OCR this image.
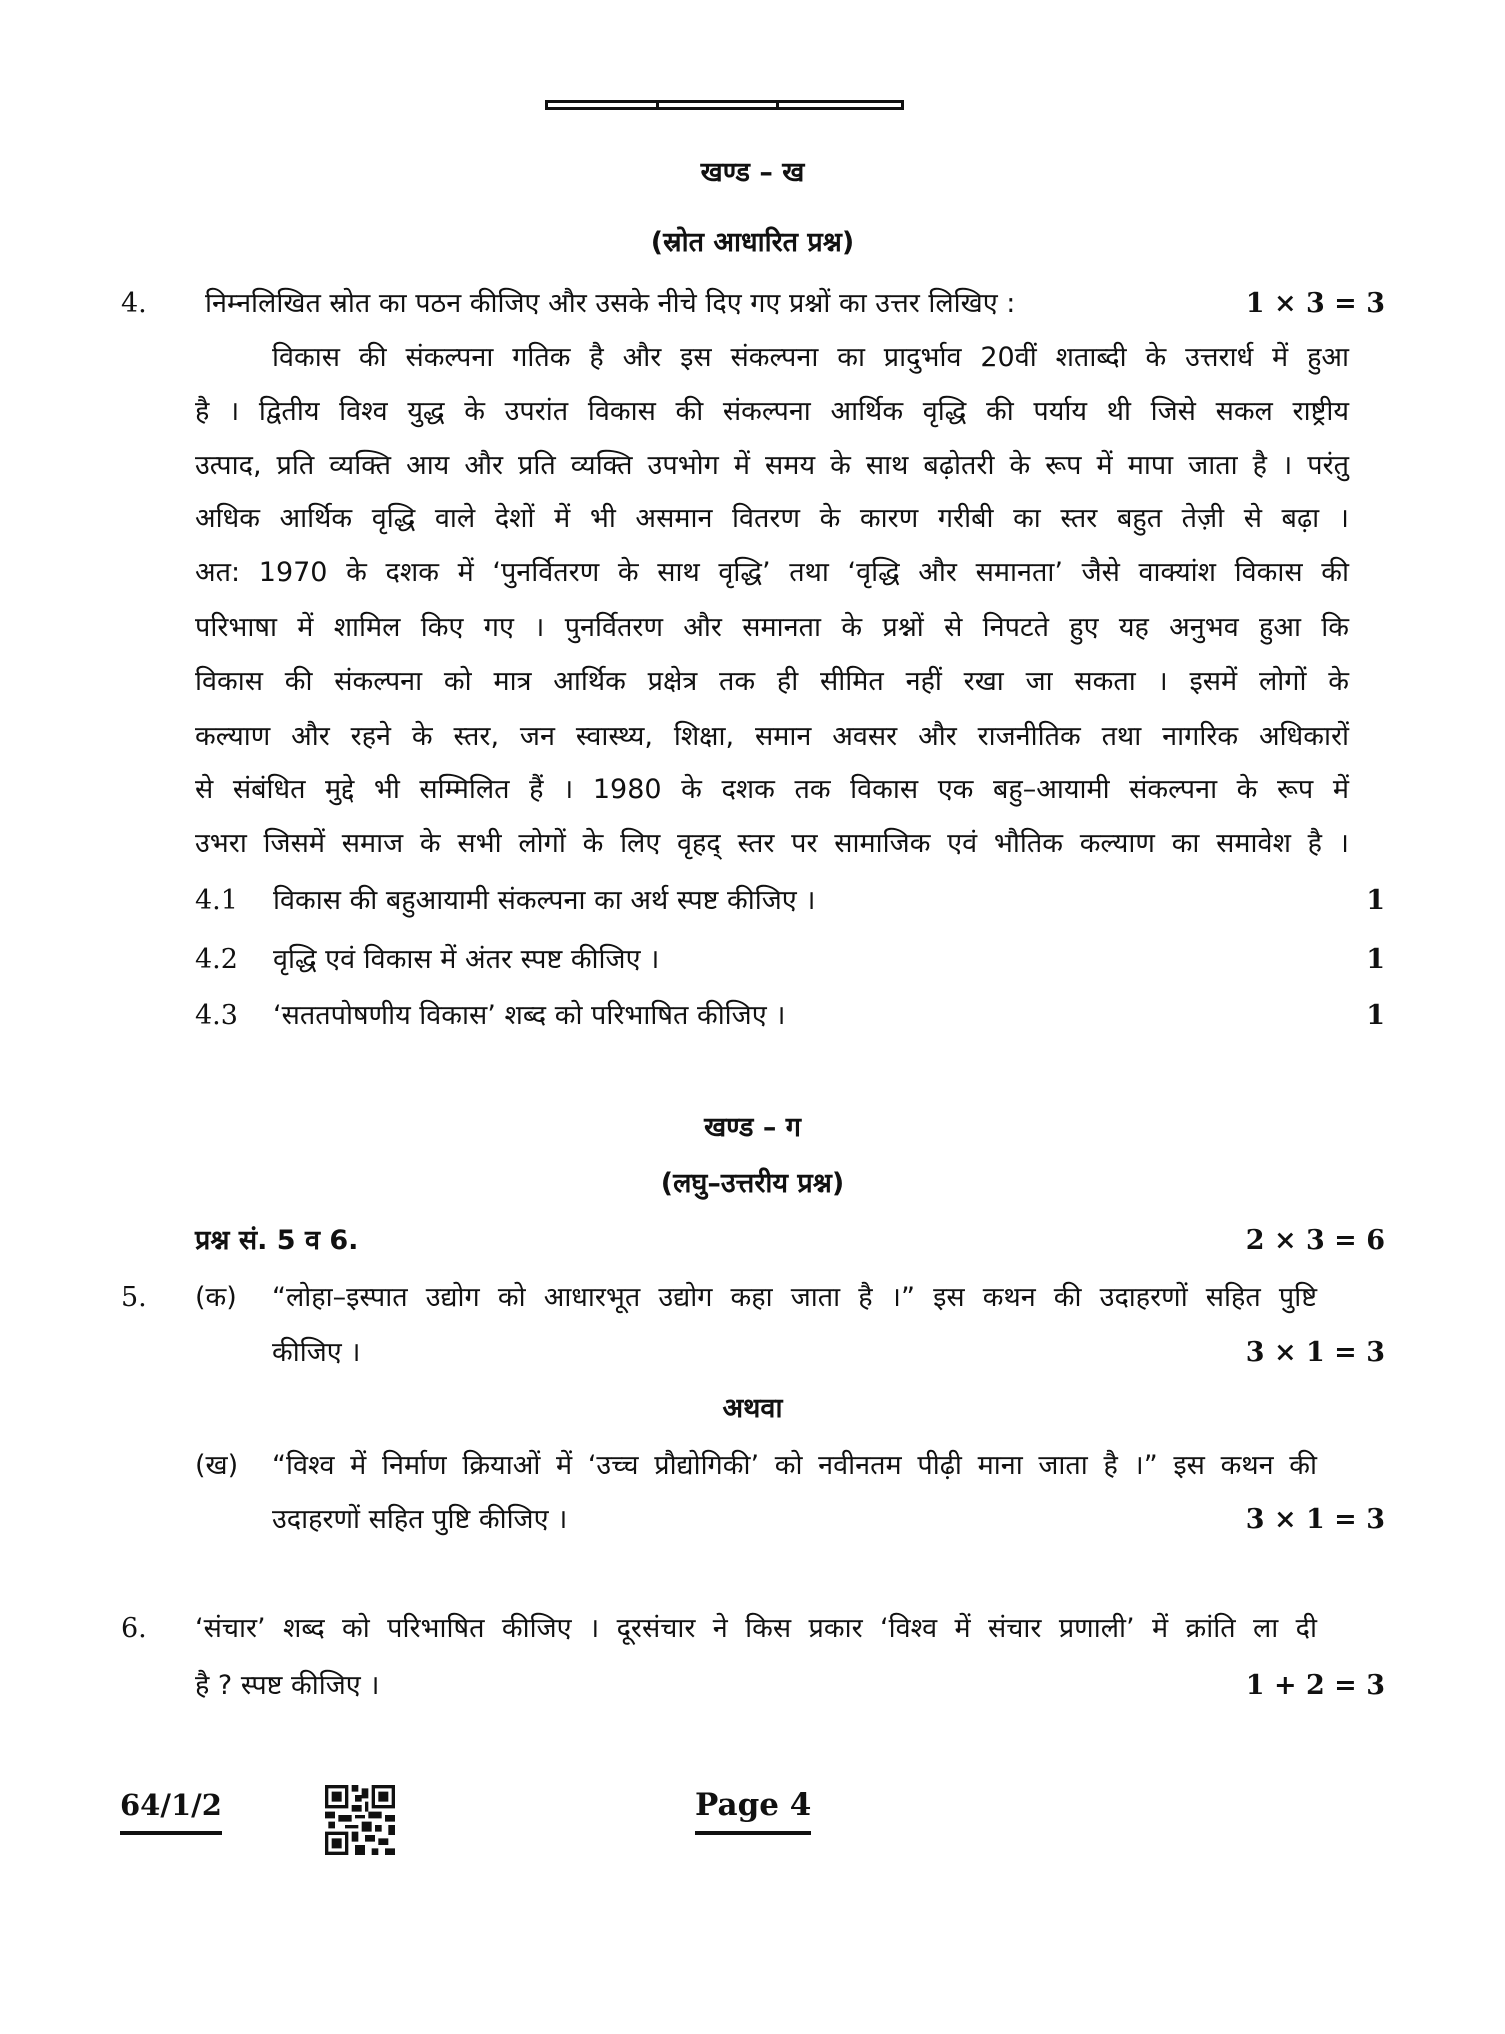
खण्ड – ख
(स्रोत आधारित प्रश्न)
4. निम्नलिखित स्रोत का पठन कीजिए और उसके नीचे दिए गए प्रश्नों का उत्तर लिखिए :	1 × 3 = 3
विकास की संकल्पना गतिक है और इस संकल्पना का प्रादुर्भाव 20वीं शताब्दी के उत्तरार्ध में हुआ
है । द्वितीय विश्व युद्ध के उपरांत विकास की संकल्पना आर्थिक वृद्धि की पर्याय थी जिसे सकल राष्ट्रीय
उत्पाद, प्रति व्यक्ति आय और प्रति व्यक्ति उपभोग में समय के साथ बढ़ोतरी के रूप में मापा जाता है । परंतु
अधिक आर्थिक वृद्धि वाले देशों में भी असमान वितरण के कारण गरीबी का स्तर बहुत तेज़ी से बढ़ा ।
अत: 1970 के दशक में ‘पुनर्वितरण के साथ वृद्धि’ तथा ‘वृद्धि और समानता’ जैसे वाक्यांश विकास की
परिभाषा में शामिल किए गए । पुनर्वितरण और समानता के प्रश्नों से निपटते हुए यह अनुभव हुआ कि
विकास की संकल्पना को मात्र आर्थिक प्रक्षेत्र तक ही सीमित नहीं रखा जा सकता । इसमें लोगों के
कल्याण और रहने के स्तर, जन स्वास्थ्य, शिक्षा, समान अवसर और राजनीतिक तथा नागरिक अधिकारों
से संबंधित मुद्दे भी सम्मिलित हैं । 1980 के दशक तक विकास एक बहु–आयामी संकल्पना के रूप में
उभरा जिसमें समाज के सभी लोगों के लिए वृहद् स्तर पर सामाजिक एवं भौतिक कल्याण का समावेश है ।
4.1 विकास की बहुआयामी संकल्पना का अर्थ स्पष्ट कीजिए ।	1
4.2 वृद्धि एवं विकास में अंतर स्पष्ट कीजिए ।	1
4.3 ‘सततपोषणीय विकास’ शब्द को परिभाषित कीजिए ।	1
खण्ड – ग
(लघु–उत्तरीय प्रश्न)
प्रश्न सं. 5 व 6.	2 × 3 = 6
5. (क) “लोहा–इस्पात उद्योग को आधारभूत उद्योग कहा जाता है ।” इस कथन की उदाहरणों सहित पुष्टि
कीजिए ।	3 × 1 = 3
अथवा
(ख) “विश्व में निर्माण क्रियाओं में ‘उच्च प्रौद्योगिकी’ को नवीनतम पीढ़ी माना जाता है ।” इस कथन की
उदाहरणों सहित पुष्टि कीजिए ।	3 × 1 = 3
6. ‘संचार’ शब्द को परिभाषित कीजिए । दूरसंचार ने किस प्रकार ‘विश्व में संचार प्रणाली’ में क्रांति ला दी
है ? स्पष्ट कीजिए ।	1 + 2 = 3
64/1/2	Page 4
